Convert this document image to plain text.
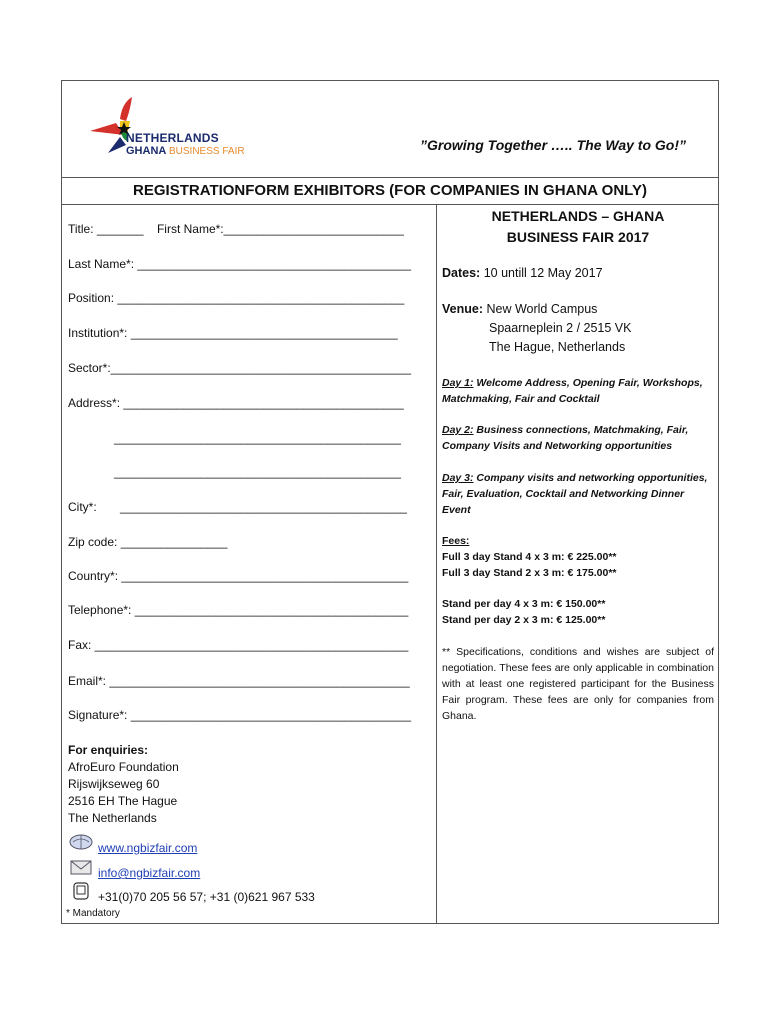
NETHERLANDS
GHANA BUSINESS FAIR	”Growing Together ….. The Way to Go!”
REGISTRATIONFORM EXHIBITORS (FOR COMPANIES IN GHANA ONLY)
Title: _______    First Name*:___________________________
Last Name*: _________________________________________
Position: ___________________________________________
Institution*: ________________________________________
Sector*:_____________________________________________
Address*: __________________________________________
___________________________________________
___________________________________________
City*:       ___________________________________________
Zip code: ________________
Country*: ___________________________________________
Telephone*: _________________________________________
Fax: _______________________________________________
Email*: _____________________________________________
Signature*: __________________________________________
For enquiries:
AfroEuro Foundation
Rijswijkseweg 60
2516 EH The Hague
The Netherlands
www.ngbizfair.com
info@ngbizfair.com
+31(0)70 205 56 57; +31 (0)621 967 533
* Mandatory
NETHERLANDS – GHANA
BUSINESS FAIR 2017
Dates: 10 untill 12 May 2017
Venue: New World Campus
Spaarneplein 2 / 2515 VK
The Hague, Netherlands
Day 1: Welcome Address, Opening Fair, Workshops, Matchmaking, Fair and Cocktail
Day 2: Business connections, Matchmaking, Fair, Company Visits and Networking opportunities
Day 3: Company visits and networking opportunities, Fair, Evaluation, Cocktail and Networking Dinner Event
Fees:
Full 3 day Stand 4 x 3 m: € 225.00**
Full 3 day Stand 2 x 3 m: € 175.00**
Stand per day 4 x 3 m: € 150.00**
Stand per day 2 x 3 m: € 125.00**
** Specifications, conditions and wishes are subject of negotiation. These fees are only applicable in combination with at least one registered participant for the Business Fair program. These fees are only for companies from Ghana.
